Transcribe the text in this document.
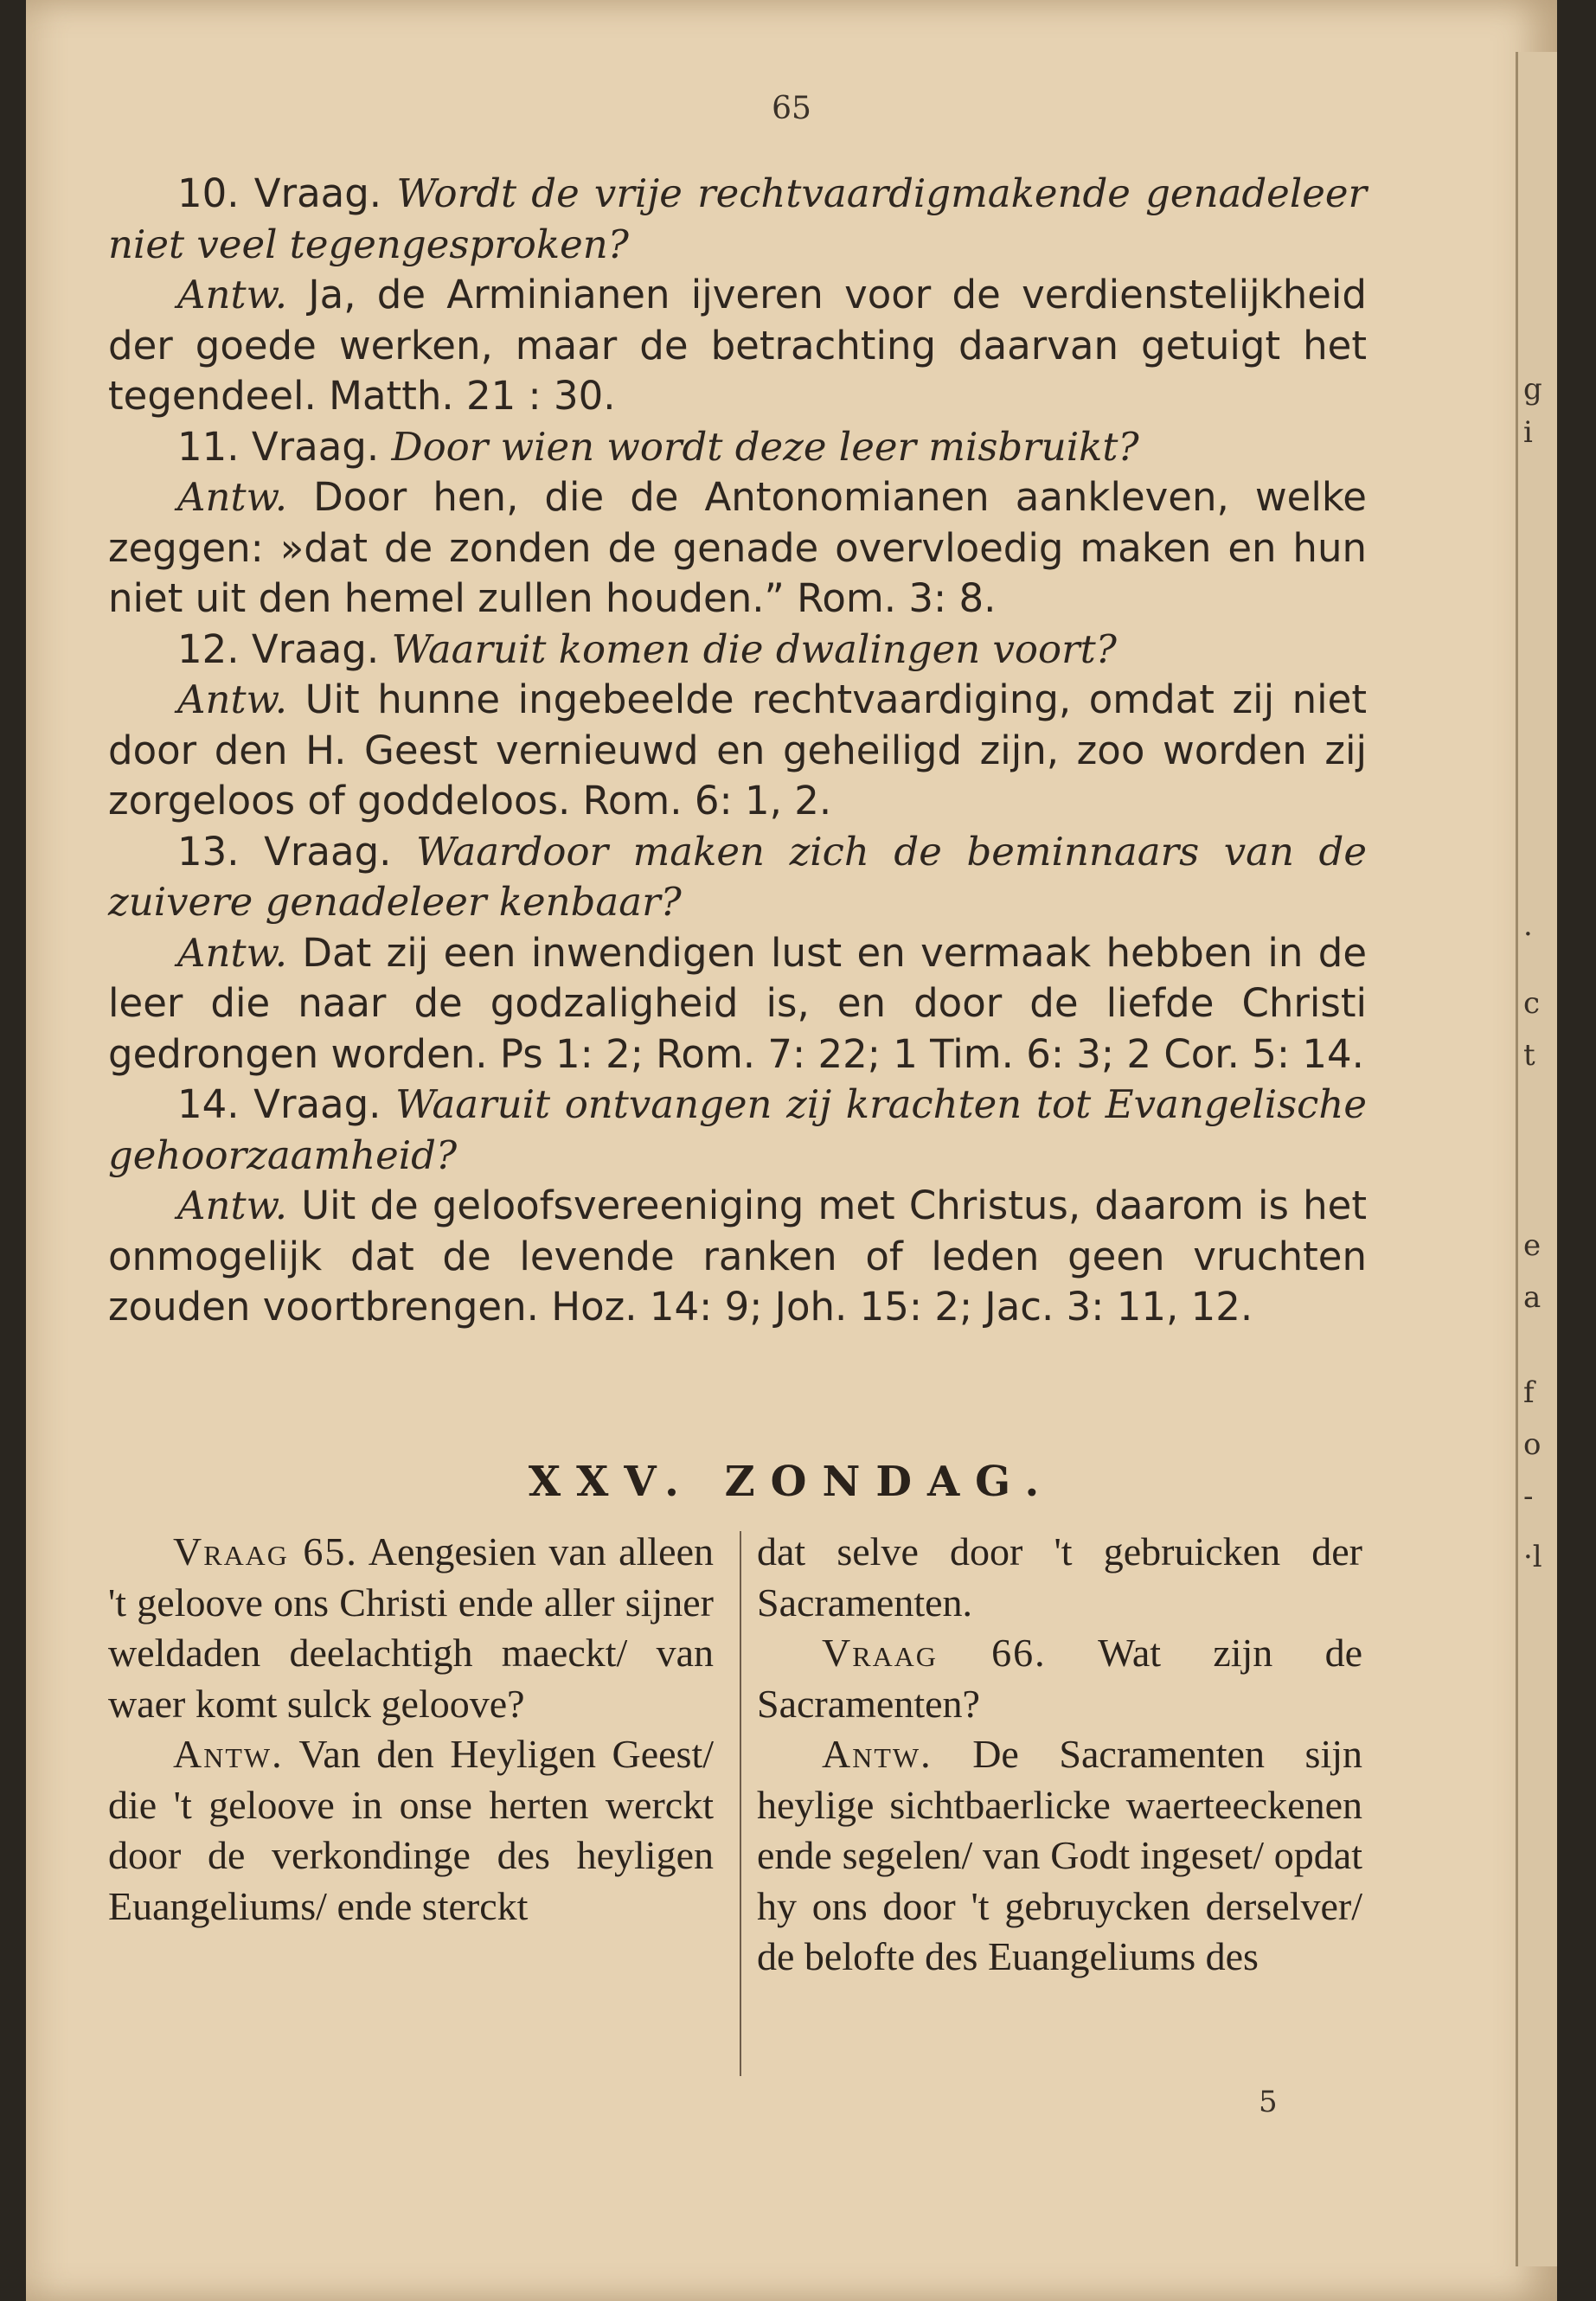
65

10. Vraag. Wordt de vrije rechtvaardigmakende genadeleer niet veel tegengesproken?

Antw. Ja, de Arminianen ijveren voor de verdienstelijkheid der goede werken, maar de betrachting daarvan getuigt het tegendeel. Matth. 21 : 30.

11. Vraag. Door wien wordt deze leer misbruikt?

Antw. Door hen, die de Antonomianen aankleven, welke zeggen: »dat de zonden de genade overvloedig maken en hun niet uit den hemel zullen houden.” Rom. 3: 8.

12. Vraag. Waaruit komen die dwalingen voort?

Antw. Uit hunne ingebeelde rechtvaardiging, omdat zij niet door den H. Geest vernieuwd en geheiligd zijn, zoo worden zij zorgeloos of goddeloos. Rom. 6: 1, 2.

13. Vraag. Waardoor maken zich de beminnaars van de zuivere genadeleer kenbaar?

Antw. Dat zij een inwendigen lust en vermaak hebben in de leer die naar de godzaligheid is, en door de liefde Christi gedrongen worden. Ps 1: 2; Rom. 7: 22; 1 Tim. 6: 3; 2 Cor. 5: 14.

14. Vraag. Waaruit ontvangen zij krachten tot Evangelische gehoorzaamheid?

Antw. Uit de geloofsvereeniging met Christus, daarom is het onmogelijk dat de levende ranken of leden geen vruchten zouden voortbrengen. Hoz. 14: 9; Joh. 15: 2; Jac. 3: 11, 12.

XXV. ZONDAG.

Vraag 65. Aengesien van alleen 't geloove ons Christi ende aller sijner weldaden deelachtigh maeckt/ van waer komt sulck geloove?

Antw. Van den Heyligen Geest/ die 't geloove in onse herten werckt door de verkondinge des heyligen Euangeliums/ ende sterckt

dat selve door 't gebruicken der Sacramenten.

Vraag 66. Wat zijn de Sacramenten?

Antw. De Sacramenten sijn heylige sichtbaerlicke waerteeckenen ende segelen/ van Godt ingeset/ opdat hy ons door 't gebruycken derselver/ de belofte des Euangeliums des

5
g
i
·
c
t
e
a
f
o
-
·l
